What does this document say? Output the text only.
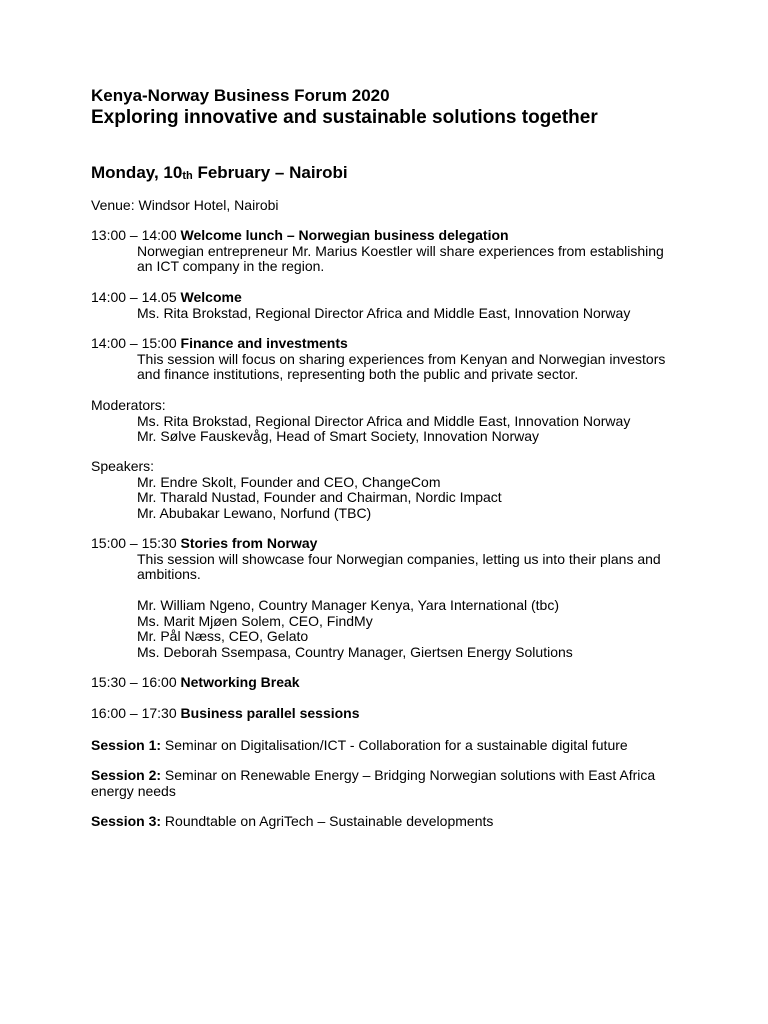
Kenya-Norway Business Forum 2020

Exploring innovative and sustainable solutions together

Monday, $10_{th}$ February – Nairobi

Venue: Windsor Hotel, Nairobi
13:00 – 14:00 Welcome lunch – Norwegian business delegation
Norwegian entrepreneur Mr. Marius Koestler will share experiences from establishing
an ICT company in the region.
14:00 – 14.05 Welcome
Ms. Rita Brokstad, Regional Director Africa and Middle East, Innovation Norway
14:00 – 15:00 Finance and investments
This session will focus on sharing experiences from Kenyan and Norwegian investors
and finance institutions, representing both the public and private sector.
Moderators:
Ms. Rita Brokstad, Regional Director Africa and Middle East, Innovation Norway
Mr. Sølve Fauskevåg, Head of Smart Society, Innovation Norway
Speakers:
Mr. Endre Skolt, Founder and CEO, ChangeCom
Mr. Tharald Nustad, Founder and Chairman, Nordic Impact
Mr. Abubakar Lewano, Norfund (TBC)
15:00 – 15:30 Stories from Norway
This session will showcase four Norwegian companies, letting us into their plans and
ambitions.
Mr. William Ngeno, Country Manager Kenya, Yara International (tbc)
Ms. Marit Mjøen Solem, CEO, FindMy
Mr. Pål Næss, CEO, Gelato
Ms. Deborah Ssempasa, Country Manager, Giertsen Energy Solutions
15:30 – 16:00 Networking Break
16:00 – 17:30 Business parallel sessions
Session 1: Seminar on Digitalisation/ICT - Collaboration for a sustainable digital future
Session 2: Seminar on Renewable Energy – Bridging Norwegian solutions with East Africa energy needs
Session 3: Roundtable on AgriTech – Sustainable developments
